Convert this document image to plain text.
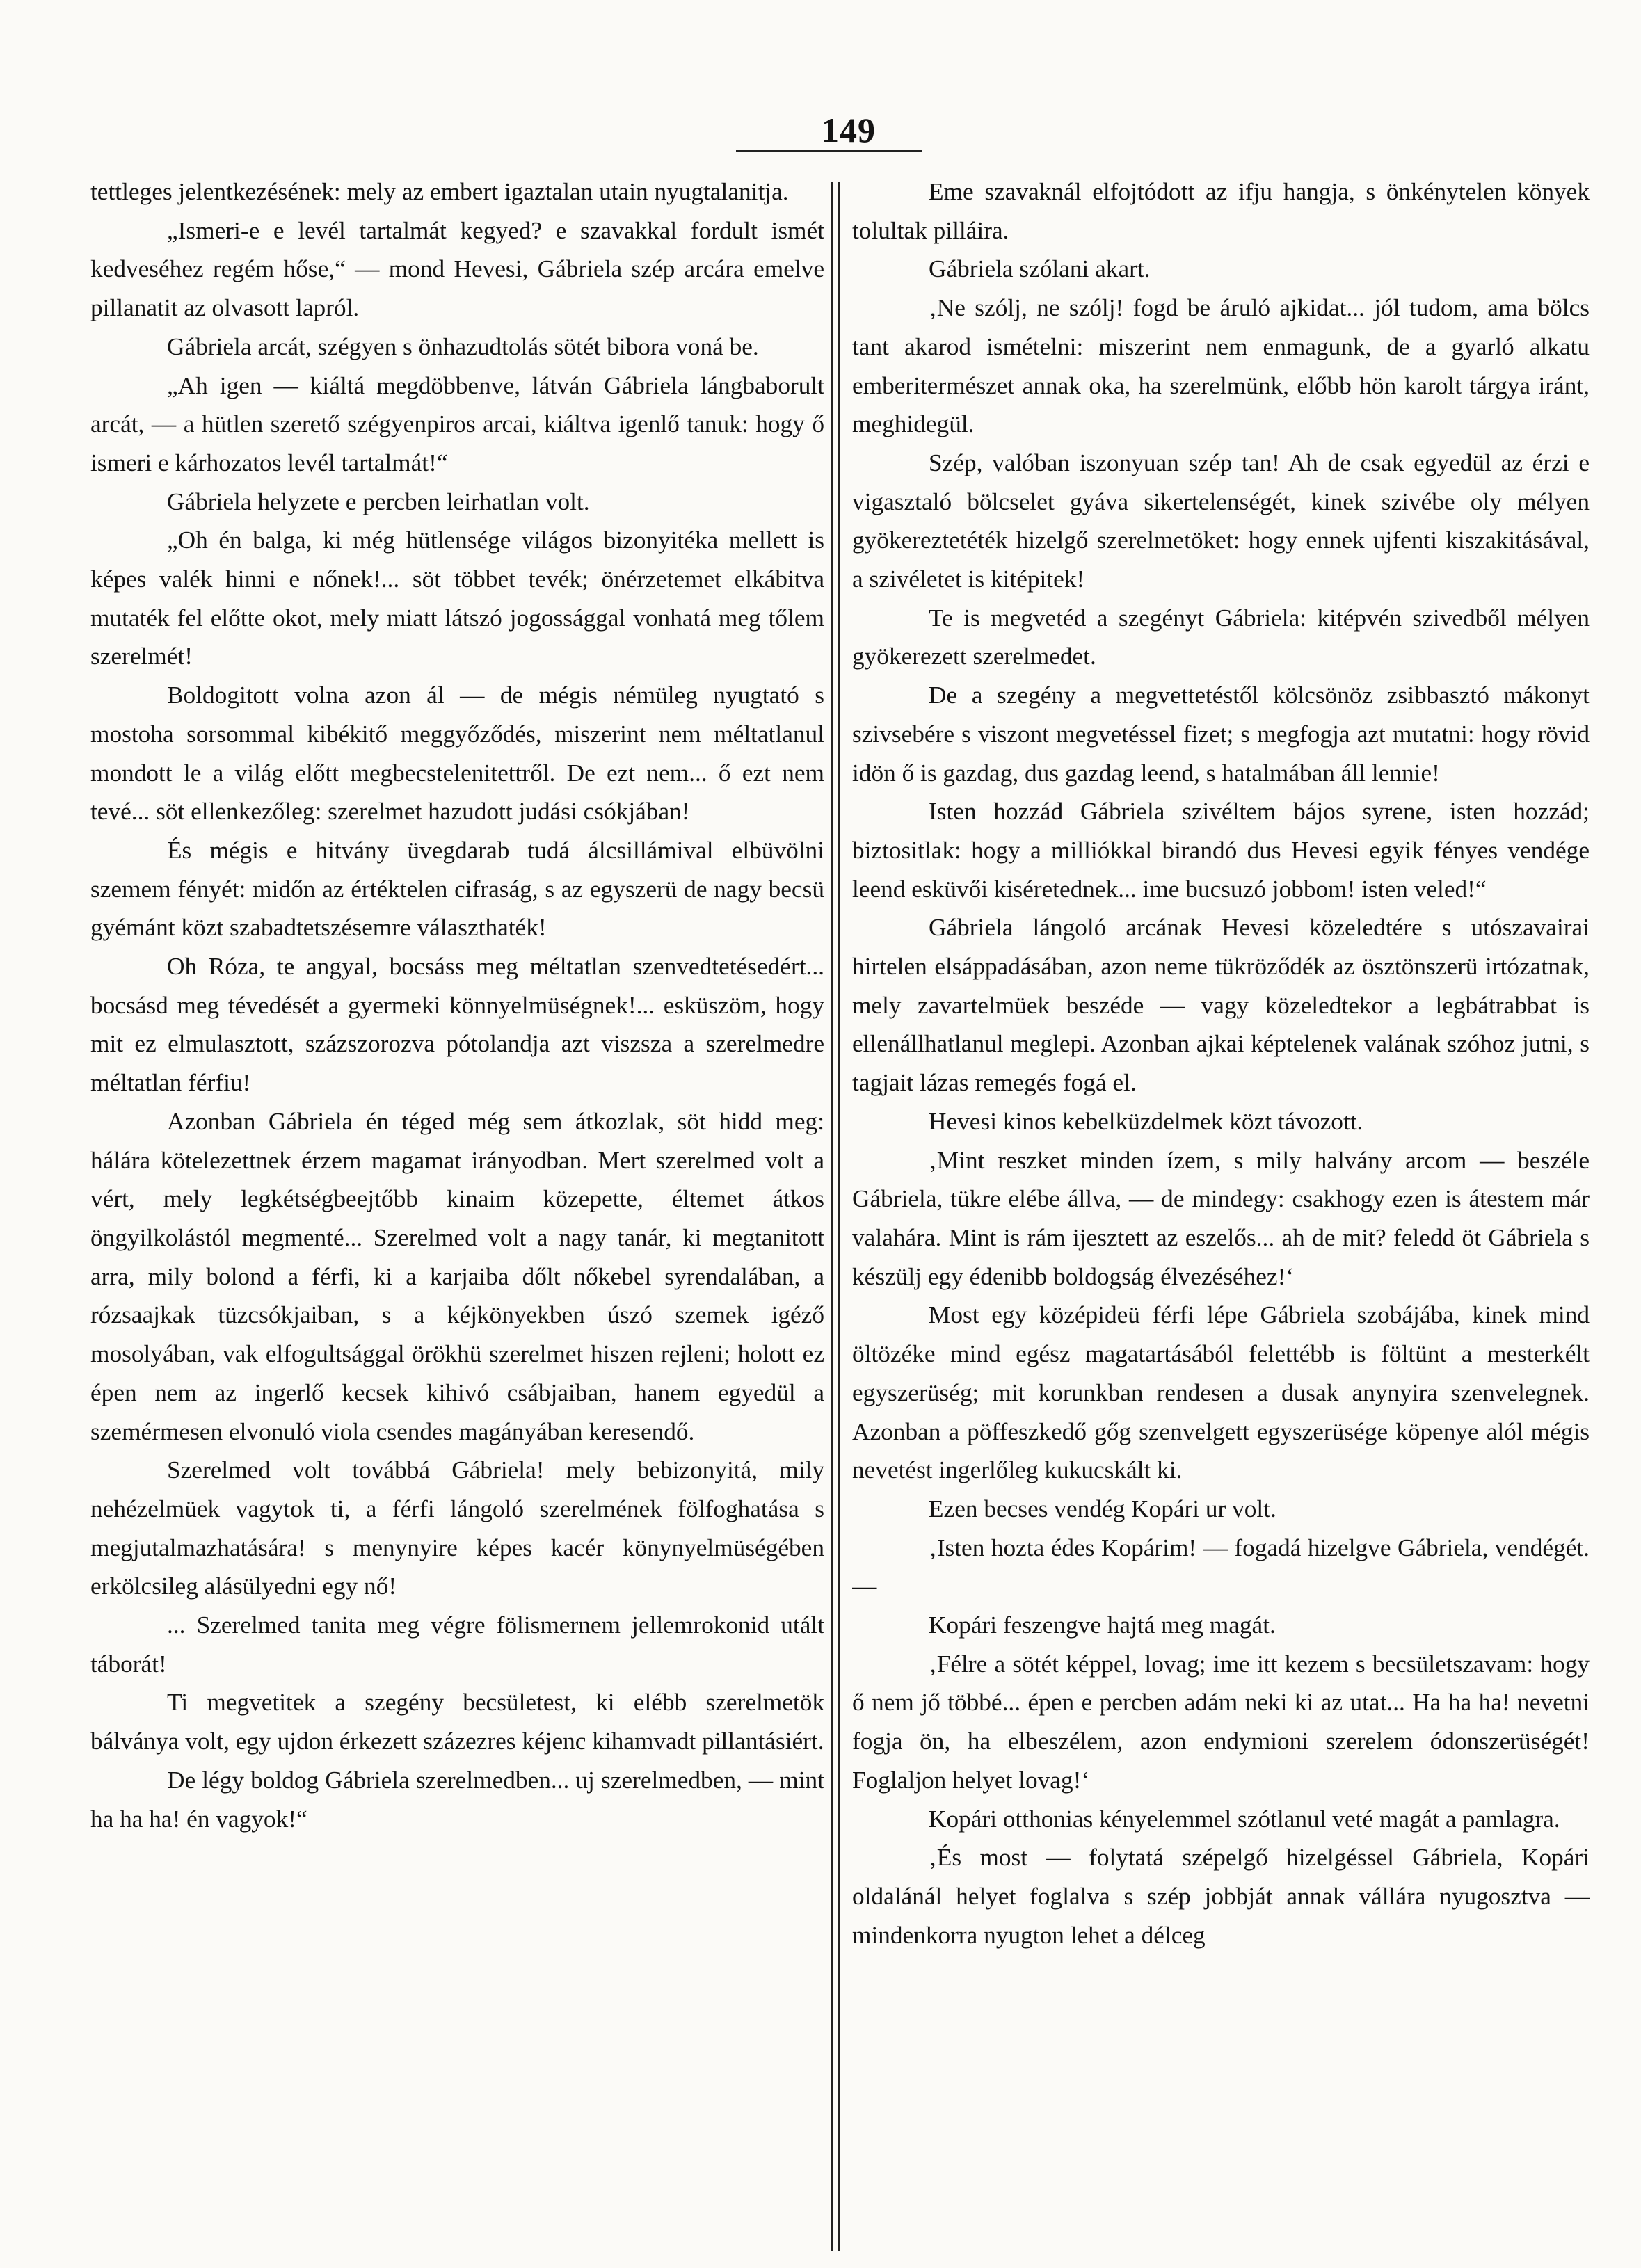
149

tettleges jelentkezésének: mely az embert igaztalan utain nyugtalanitja.

„Ismeri-e e levél tartalmát kegyed? e szavakkal fordult ismét kedveséhez regém hőse,“ — mond Hevesi, Gábriela szép arcára emelve pillanatit az olvasott lapról.

Gábriela arcát, szégyen s önhazudtolás sötét bibora voná be.

„Ah igen — kiáltá megdöbbenve, látván Gábriela lángbaborult arcát, — a hütlen szerető szégyenpiros arcai, kiáltva igenlő tanuk: hogy ő ismeri e kárhozatos levél tartalmát!“

Gábriela helyzete e percben leirhatlan volt.

„Oh én balga, ki még hütlensége világos bizonyitéka mellett is képes valék hinni e nőnek!... söt többet tevék; önérzetemet elkábitva mutaték fel előtte okot, mely miatt látszó jogossággal vonhatá meg tőlem szerelmét!

Boldogitott volna azon ál — de mégis némüleg nyugtató s mostoha sorsommal kibékitő meggyőződés, miszerint nem méltatlanul mondott le a világ előtt megbecstelenitettről. De ezt nem... ő ezt nem tevé... söt ellenkezőleg: szerelmet hazudott judási csókjában!

És mégis e hitvány üvegdarab tudá álcsillámival elbüvölni szemem fényét: midőn az értéktelen cifraság, s az egyszerü de nagy becsü gyémánt közt szabadtetszésemre választhaték!

Oh Róza, te angyal, bocsáss meg méltatlan szenvedtetésedért... bocsásd meg tévedését a gyermeki könnyelmüségnek!... esküszöm, hogy mit ez elmulasztott, százszorozva pótolandja azt viszsza a szerelmedre méltatlan férfiu!

Azonban Gábriela én téged még sem átkozlak, söt hidd meg: hálára kötelezettnek érzem magamat irányodban. Mert szerelmed volt a vért, mely legkétségbeejtőbb kinaim közepette, éltemet átkos öngyilkolástól megmenté... Szerelmed volt a nagy tanár, ki megtanitott arra, mily bolond a férfi, ki a karjaiba dőlt nőkebel syrendalában, a rózsaajkak tüzcsókjaiban, s a kéjkönyekben úszó szemek igéző mosolyában, vak elfogultsággal örökhü szerelmet hiszen rejleni; holott ez épen nem az ingerlő kecsek kihivó csábjaiban, hanem egyedül a szemérmesen elvonuló viola csendes magányában keresendő.

Szerelmed volt továbbá Gábriela! mely bebizonyitá, mily nehézelmüek vagytok ti, a férfi lángoló szerelmének fölfoghatása s megjutalmazhatására! s menynyire képes kacér könynyelmüségében erkölcsileg alásülyedni egy nő!

... Szerelmed tanita meg végre fölismernem jellemrokonid utált táborát!

Ti megvetitek a szegény becsületest, ki elébb szerelmetök bálványa volt, egy ujdon érkezett százezres kéjenc kihamvadt pillantásiért.

De légy boldog Gábriela szerelmedben... uj szerelmedben, — mint ha ha ha! én vagyok!“

Eme szavaknál elfojtódott az ifju hangja, s önkénytelen könyek tolultak pilláira.

Gábriela szólani akart.

‚Ne szólj, ne szólj! fogd be áruló ajkidat... jól tudom, ama bölcs tant akarod ismételni: miszerint nem enmagunk, de a gyarló alkatu emberitermészet annak oka, ha szerelmünk, előbb hön karolt tárgya iránt, meghidegül.

Szép, valóban iszonyuan szép tan! Ah de csak egyedül az érzi e vigasztaló bölcselet gyáva sikertelenségét, kinek szivébe oly mélyen gyökereztetéték hizelgő szerelmetöket: hogy ennek ujfenti kiszakitásával, a szivéletet is kitépitek!

Te is megvetéd a szegényt Gábriela: kitépvén szivedből mélyen gyökerezett szerelmedet.

De a szegény a megvettetéstől kölcsönöz zsibbasztó mákonyt szivsebére s viszont megvetéssel fizet; s megfogja azt mutatni: hogy rövid idön ő is gazdag, dus gazdag leend, s hatalmában áll lennie!

Isten hozzád Gábriela szivéltem bájos syrene, isten hozzád; biztositlak: hogy a milliókkal birandó dus Hevesi egyik fényes vendége leend esküvői kiséretednek... ime bucsuzó jobbom! isten veled!“

Gábriela lángoló arcának Hevesi közeledtére s utószavairai hirtelen elsáppadásában, azon neme tükröződék az ösztönszerü irtózatnak, mely zavartelmüek beszéde — vagy közeledtekor a legbátrabbat is ellenállhatlanul meglepi. Azonban ajkai képtelenek valának szóhoz jutni, s tagjait lázas remegés fogá el.

Hevesi kinos kebelküzdelmek közt távozott.

‚Mint reszket minden ízem, s mily halvány arcom — beszéle Gábriela, tükre elébe állva, — de mindegy: csakhogy ezen is átestem már valahára. Mint is rám ijesztett az eszelős... ah de mit? feledd öt Gábriela s készülj egy édenibb boldogság élvezéséhez!‘

Most egy középideü férfi lépe Gábriela szobájába, kinek mind öltözéke mind egész magatartásából felettébb is föltünt a mesterkélt egyszerüség; mit korunkban rendesen a dusak anynyira szenvelegnek. Azonban a pöffeszkedő gőg szenvelgett egyszerüsége köpenye alól mégis nevetést ingerlőleg kukucskált ki.

Ezen becses vendég Kopári ur volt.

‚Isten hozta édes Kopárim! — fogadá hizelgve Gábriela, vendégét. —

Kopári feszengve hajtá meg magát.

‚Félre a sötét képpel, lovag; ime itt kezem s becsületszavam: hogy ő nem jő többé... épen e percben adám neki ki az utat... Ha ha ha! nevetni fogja ön, ha elbeszélem, azon endymioni szerelem ódonszerüségét! Foglaljon helyet lovag!‘

Kopári otthonias kényelemmel szótlanul veté magát a pamlagra.

‚És most — folytatá szépelgő hizelgéssel Gábriela, Kopári oldalánál helyet foglalva s szép jobbját annak vállára nyugosztva — mindenkorra nyugton lehet a délceg
